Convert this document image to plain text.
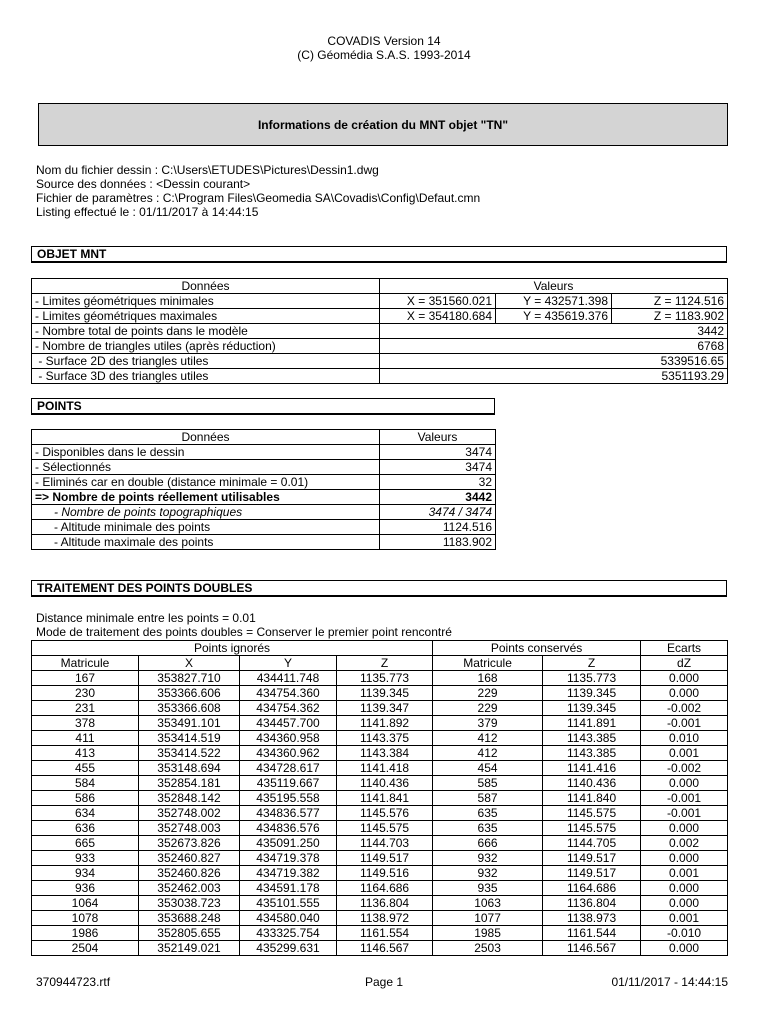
COVADIS Version 14
(C) Géomédia S.A.S. 1993-2014
Informations de création du MNT objet "TN"
Nom du fichier dessin : C:\Users\ETUDES\Pictures\Dessin1.dwg
Source des données : <Dessin courant>
Fichier de paramètres : C:\Program Files\Geomedia SA\Covadis\Config\Defaut.cmn
Listing effectué le : 01/11/2017 à 14:44:15
OBJET MNT
Données	Valeurs		
- Limites géométriques minimales	X = 351560.021	Y = 432571.398	Z = 1124.516
- Limites géométriques maximales	X = 354180.684	Y = 435619.376	Z = 1183.902
- Nombre total de points dans le modèle	3442		
- Nombre de triangles utiles (après réduction)	6768		
- Surface 2D des triangles utiles	5339516.65		
- Surface 3D des triangles utiles	5351193.29		
POINTS
Données	Valeurs
- Disponibles dans le dessin	3474
- Sélectionnés	3474
- Eliminés car en double (distance minimale = 0.01)	32
=> Nombre de points réellement utilisables	3442
- Nombre de points topographiques	3474 / 3474
- Altitude minimale des points	1124.516
- Altitude maximale des points	1183.902
TRAITEMENT DES POINTS DOUBLES
Distance minimale entre les points = 0.01
Mode de traitement des points doubles = Conserver le premier point rencontré
Points ignorés				Points conservés		Ecarts
Matricule	X	Y	Z	Matricule	Z	dZ
167	353827.710	434411.748	1135.773	168	1135.773	0.000
230	353366.606	434754.360	1139.345	229	1139.345	0.000
231	353366.608	434754.362	1139.347	229	1139.345	-0.002
378	353491.101	434457.700	1141.892	379	1141.891	-0.001
411	353414.519	434360.958	1143.375	412	1143.385	0.010
413	353414.522	434360.962	1143.384	412	1143.385	0.001
455	353148.694	434728.617	1141.418	454	1141.416	-0.002
584	352854.181	435119.667	1140.436	585	1140.436	0.000
586	352848.142	435195.558	1141.841	587	1141.840	-0.001
634	352748.002	434836.577	1145.576	635	1145.575	-0.001
636	352748.003	434836.576	1145.575	635	1145.575	0.000
665	352673.826	435091.250	1144.703	666	1144.705	0.002
933	352460.827	434719.378	1149.517	932	1149.517	0.000
934	352460.826	434719.382	1149.516	932	1149.517	0.001
936	352462.003	434591.178	1164.686	935	1164.686	0.000
1064	353038.723	435101.555	1136.804	1063	1136.804	0.000
1078	353688.248	434580.040	1138.972	1077	1138.973	0.001
1986	352805.655	433325.754	1161.554	1985	1161.544	-0.010
2504	352149.021	435299.631	1146.567	2503	1146.567	0.000
370944723.rtf	Page 1	01/11/2017 - 14:44:15
